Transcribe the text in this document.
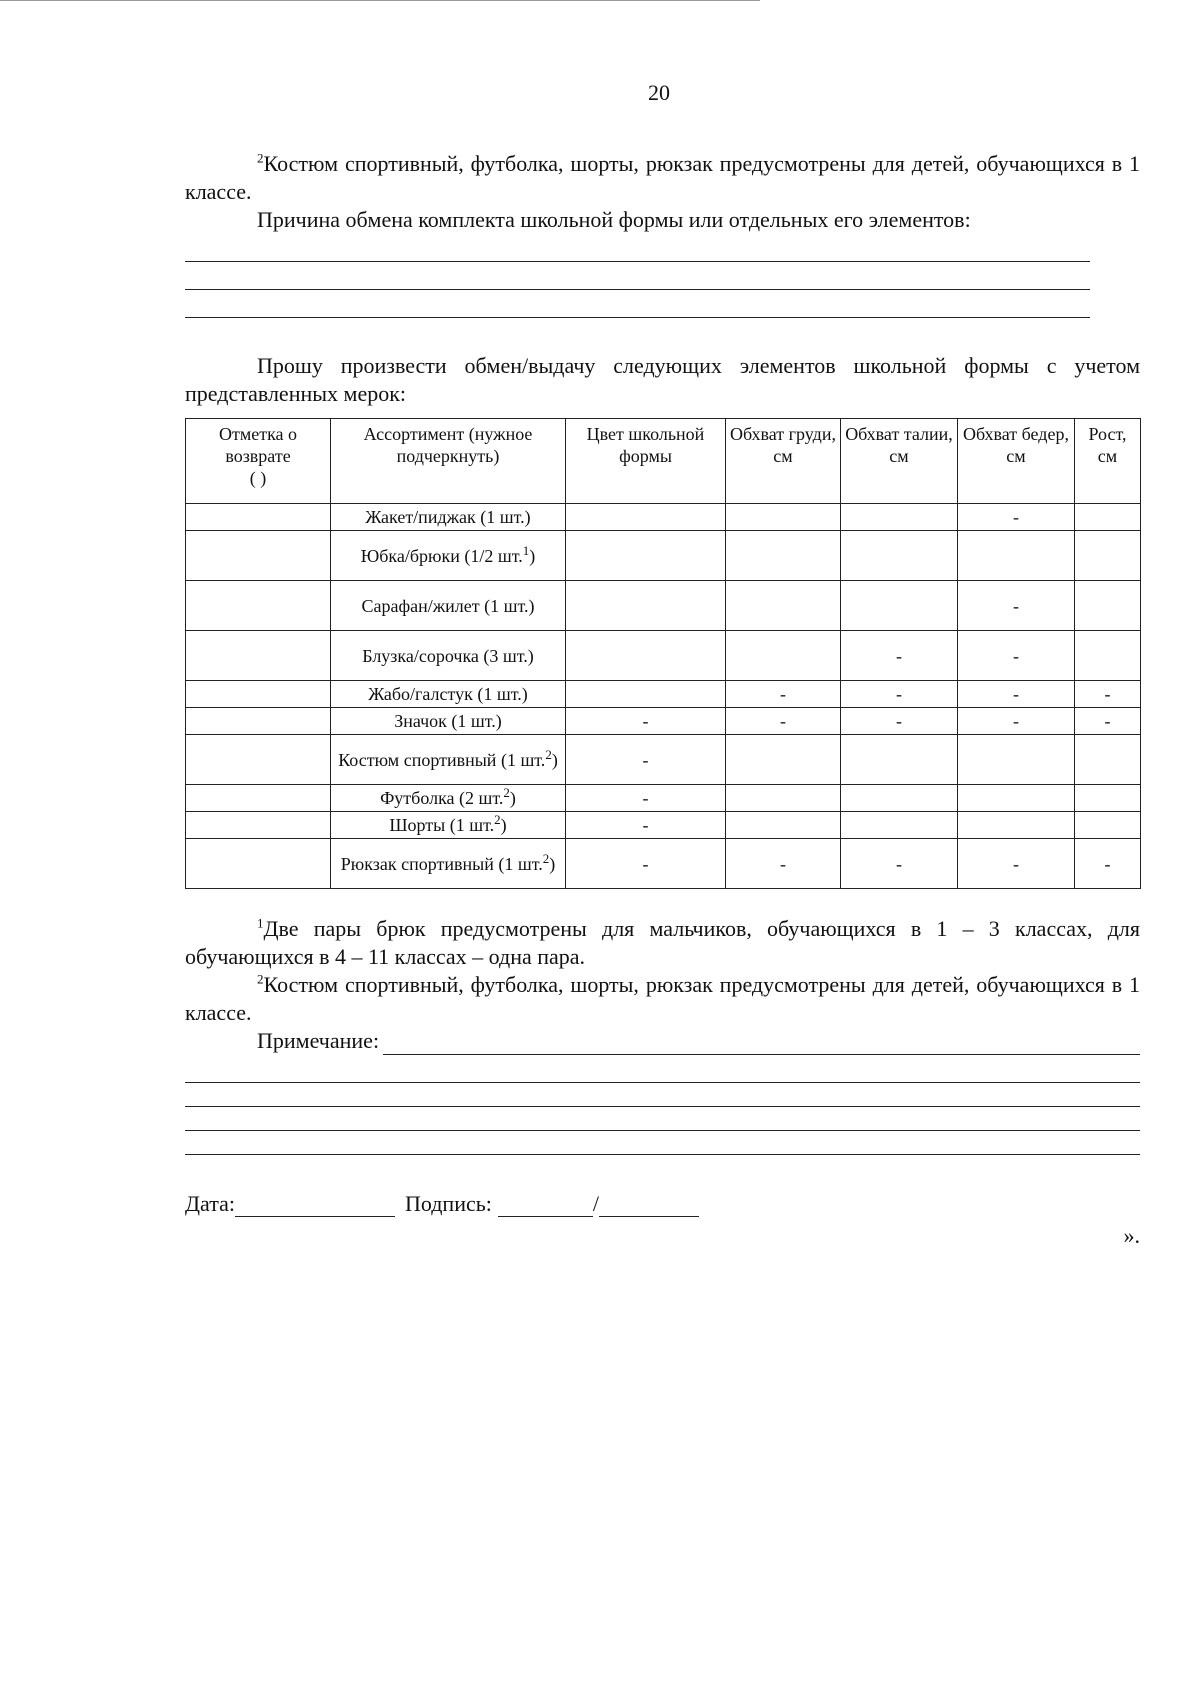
20

$^2$Костюм спортивный, футболка, шорты, рюкзак предусмотрены для детей, обучающихся в 1 классе.

Причина обмена комплекта школьной формы или отдельных его элементов:

Прошу произвести обмен/выдачу следующих элементов школьной формы с учетом представленных мерок:

Отметка о возврате
( )	Ассортимент (нужное подчеркнуть)	Цвет школьной формы	Обхват груди, см	Обхват талии, см	Обхват бедер, см	Рост, см
	Жакет/пиджак (1 шт.)				-	
	Юбка/брюки (1/2 шт.$^1$)					
	Сарафан/жилет (1 шт.)				-	
	Блузка/сорочка (3 шт.)			-	-	
	Жабо/галстук (1 шт.)		-	-	-	-
	Значок (1 шт.)	-	-	-	-	-
	Костюм спортивный (1 шт.$^2$)	-				
	Футболка (2 шт.$^2$)	-				
	Шорты (1 шт.$^2$)	-				
	Рюкзак спортивный (1 шт.$^2$)	-	-	-	-	-

$^1$Две пары брюк предусмотрены для мальчиков, обучающихся в 1 – 3 классах, для обучающихся в 4 – 11 классах – одна пара.

$^2$Костюм спортивный, футболка, шорты, рюкзак предусмотрены для детей, обучающихся в 1 классе.

Примечание:
Дата:	Подпись:	/
».
